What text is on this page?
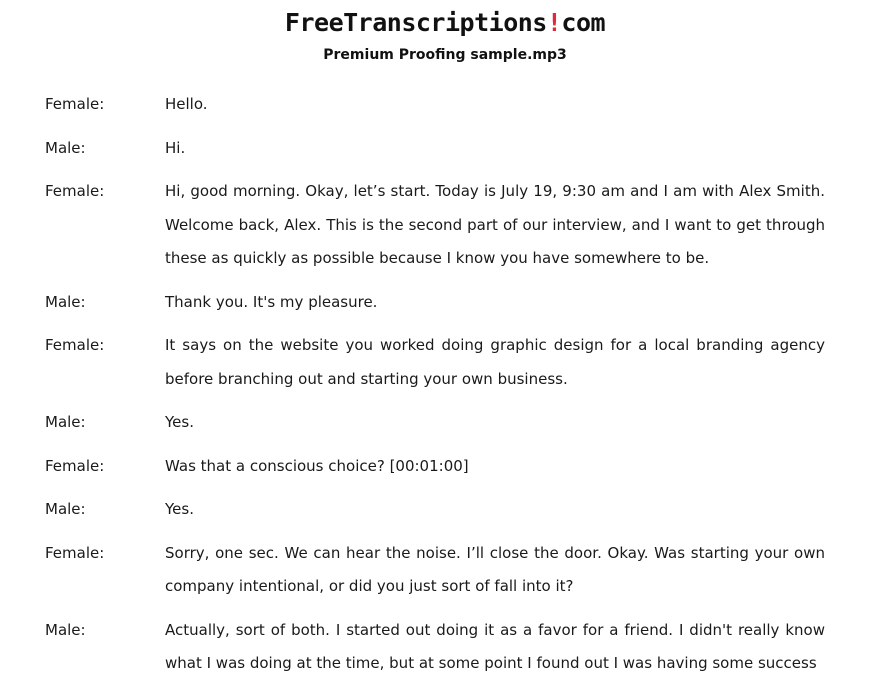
FreeTranscriptions!com
Premium Proofing sample.mp3
Female:	Hello.
Male:	Hi.
Female:	Hi, good morning. Okay, let’s start. Today is July 19, 9:30 am and I am with Alex Smith. Welcome back, Alex. This is the second part of our interview, and I want to get through these as quickly as possible because I know you have somewhere to be.
Male:	Thank you. It's my pleasure.
Female:	It says on the website you worked doing graphic design for a local branding agency before branching out and starting your own business.
Male:	Yes.
Female:	Was that a conscious choice? [00:01:00]
Male:	Yes.
Female:	Sorry, one sec. We can hear the noise. I’ll close the door. Okay. Was starting your own company intentional, or did you just sort of fall into it?
Male:	Actually, sort of both. I started out doing it as a favor for a friend. I didn't really know what I was doing at the time, but at some point I found out I was having some success
